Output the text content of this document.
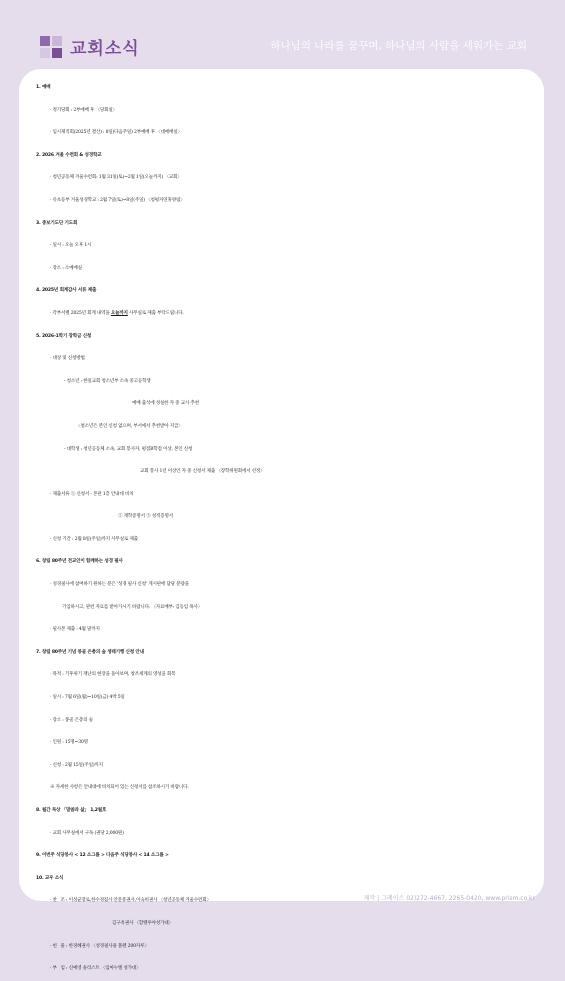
교회소식	하나님의 나라를 꿈꾸며, 하나님의 사람을 세워가는 교회
1. 예배
· 정기당회 : 2부예배 후 〈당회실〉
· 임시제직회(2025년 결산) : 8일(다음주일) 2부예배 후 〈대예배실〉
2. 2026 겨울 수련회 & 성경학교
· 청년공동체 겨울수련회: 1월 31일(토)~2월 1일(오늘까지) 〈교회〉
· 유초등부 겨울성경학교 : 2월 7일(토)~8일(주일) 〈청평자연휴양림〉
3. 중보기도단 기도회
· 일시 : 오늘 오후 1시
· 장소 : 소예배실
4. 2025년 회계감사 서류 제출
· 각부서별 2025년 회계 내역을 오늘까지 사무실로 제출 부탁드립니다.
5. 2026-1학기 장학금 신청
· 대상 및 신청방법
- 청소년 : 한일교회 청소년부 소속 중고등학생
예배 출석에 성실한 자 중 교사 추천
〈청소년은 본인 신청 없으며, 부서에서 추천받아 지급〉
- 대학생 : 청년공동체 소속, 교회 봉사자, 평점B학점 이상, 본인 신청
교회 봉사 1년 이상인 자 중 신청서 제출 〈장학위원회에서 선정〉
· 제출서류 ① 신청서 - 본관 1층 안내데 비치
② 재학증명서 ③ 성적증명서
· 신청 기간 : 2월 8일(주일)까지 사무실로 제출
6. 창립 80주년 전교인이 함께하는 성경 필사
· 성경필사에 참여하기 원하는 분은 '성경 필사 신청' 게시판에 담당 분량을
기입하시고, 관련 자료를 받아가시기 바랍니다. 〈자료배부: 김동임 목사〉
· 필사본 제출 : 4월 말까지
7. 창립 80주년 기념 몽골 은총의 숲 생태기행 신청 안내
· 목적 : 기후위기 재난의 현장을 돌아보며, 창조세계의 영성을 회복
· 일시 : 7월 6일(월)~10일(금) 4박 5일
· 장소 : 몽골 은총의 숲
· 인원 : 15명~30명
· 신청 : 2월 15일(주일)까지
※ 자세한 사항은 안내대에 비치되어 있는 신청서를 참조하시기 바랍니다.
8. 월간 묵상 「말씀과 삶」 1,2월호
· 교회 사무실에서 구독 (권당 2,000원)
9. 이번주 식당봉사 < 12 소그룹 > 다음주 식당봉사 < 14 소그룹 >
10. 교우 소식
· 찬   조 : 이성균장로,한수경집사 안문흥권사,이숙희권사 〈청년공동체 겨울수련회〉
김구옥권사 〈할렐루야성가대〉
· 헌   물 : 한경혜권사 〈성경필사용 볼펜 200자루〉
· 부   임 : 신예영 솔리스트 〈임마누엘 성가대〉
제작 | 그레이스 02)272-4667, 2265-0420, www.prism.co.kr
